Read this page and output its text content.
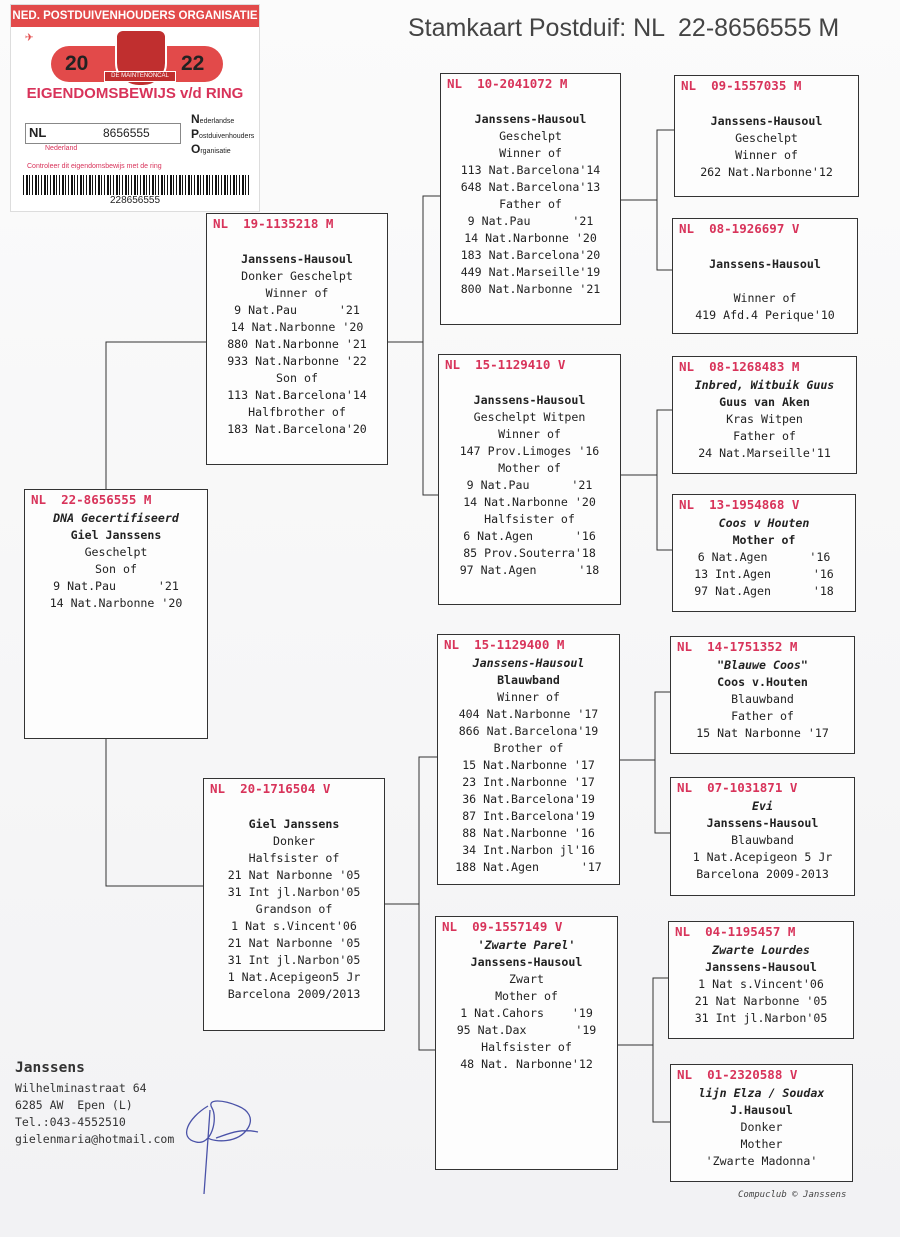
Stamkaart Postduif: NL  22-8656555 M
NED. POSTDUIVENHOUDERS ORGANISATIE
✈
20	22
DE MAINTENONCAL
EIGENDOMSBEWIJS v/d RING
NL	8656555
Nederland
Nederlandse
Postduivenhouders
Organisatie
Controleer dit eigendomsbewijs met de ring
228656555
NL  22-8656555 M
DNA Gecertifiseerd
Giel Janssens
Geschelpt
Son of
9 Nat.Pau      '21
14 Nat.Narbonne '20
NL  19-1135218 M
Janssens-Hausoul
Donker Geschelpt
Winner of
9 Nat.Pau      '21
14 Nat.Narbonne '20
880 Nat.Narbonne '21
933 Nat.Narbonne '22
Son of
113 Nat.Barcelona'14
Halfbrother of
183 Nat.Barcelona'20
NL  20-1716504 V
Giel Janssens
Donker
Halfsister of
21 Nat Narbonne '05
31 Int jl.Narbon'05
Grandson of
1 Nat s.Vincent'06
21 Nat Narbonne '05
31 Int jl.Narbon'05
1 Nat.Acepigeon5 Jr
Barcelona 2009/2013
NL  10-2041072 M
Janssens-Hausoul
Geschelpt
Winner of
113 Nat.Barcelona'14
648 Nat.Barcelona'13
Father of
9 Nat.Pau      '21
14 Nat.Narbonne '20
183 Nat.Barcelona'20
449 Nat.Marseille'19
800 Nat.Narbonne '21
NL  15-1129410 V
Janssens-Hausoul
Geschelpt Witpen
Winner of
147 Prov.Limoges '16
Mother of
9 Nat.Pau      '21
14 Nat.Narbonne '20
Halfsister of
6 Nat.Agen      '16
85 Prov.Souterra'18
97 Nat.Agen      '18
NL  15-1129400 M
Janssens-Hausoul
Blauwband
Winner of
404 Nat.Narbonne '17
866 Nat.Barcelona'19
Brother of
15 Nat.Narbonne '17
23 Int.Narbonne '17
36 Nat.Barcelona'19
87 Int.Barcelona'19
88 Nat.Narbonne '16
34 Int.Narbon jl'16
188 Nat.Agen      '17
NL  09-1557149 V
'Zwarte Parel'
Janssens-Hausoul
Zwart
Mother of
1 Nat.Cahors    '19
95 Nat.Dax       '19
Halfsister of
48 Nat. Narbonne'12
NL  09-1557035 M
Janssens-Hausoul
Geschelpt
Winner of
262 Nat.Narbonne'12
NL  08-1926697 V
Janssens-Hausoul
Winner of
419 Afd.4 Perique'10
NL  08-1268483 M
Inbred, Witbuik Guus
Guus van Aken
Kras Witpen
Father of
24 Nat.Marseille'11
NL  13-1954868 V
Coos v Houten
Mother of
6 Nat.Agen      '16
13 Int.Agen      '16
97 Nat.Agen      '18
NL  14-1751352 M
"Blauwe Coos"
Coos v.Houten
Blauwband
Father of
15 Nat Narbonne '17
NL  07-1031871 V
Evi
Janssens-Hausoul
Blauwband
1 Nat.Acepigeon 5 Jr
Barcelona 2009-2013
NL  04-1195457 M
Zwarte Lourdes
Janssens-Hausoul
1 Nat s.Vincent'06
21 Nat Narbonne '05
31 Int jl.Narbon'05
NL  01-2320588 V
lijn Elza / Soudax
J.Hausoul
Donker
Mother
'Zwarte Madonna'
Janssens
Wilhelminastraat 64
6285 AW  Epen (L)
Tel.:043-4552510
gielenmaria@hotmail.com
Compuclub © Janssens
